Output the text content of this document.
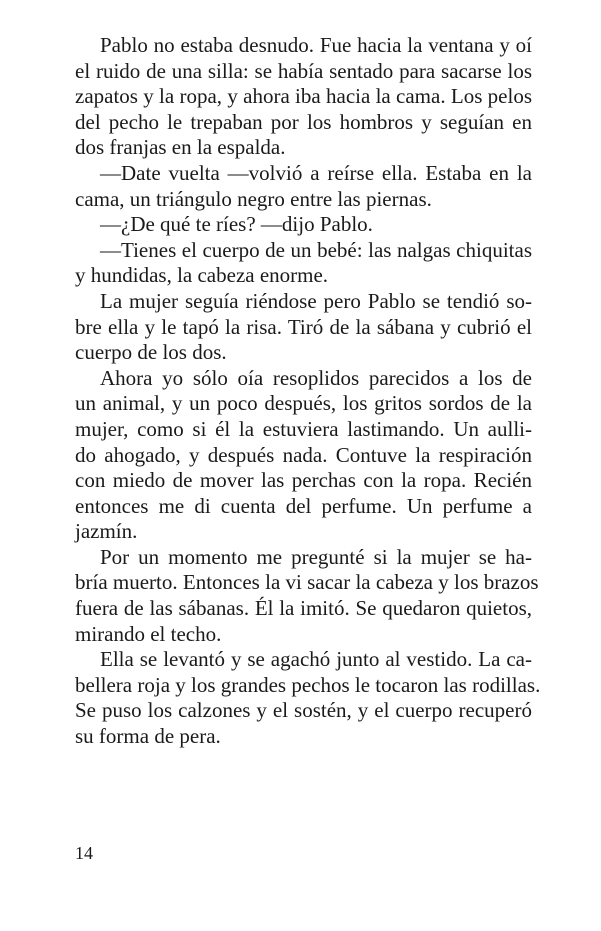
Pablo no estaba desnudo. Fue hacia la ventana y oí
el ruido de una silla: se había sentado para sacarse los
zapatos y la ropa, y ahora iba hacia la cama. Los pelos
del pecho le trepaban por los hombros y seguían en
dos franjas en la espalda.
—Date vuelta —volvió a reírse ella. Estaba en la
cama, un triángulo negro entre las piernas.
—¿De qué te ríes? —dijo Pablo.
—Tienes el cuerpo de un bebé: las nalgas chiquitas
y hundidas, la cabeza enorme.
La mujer seguía riéndose pero Pablo se tendió so-
bre ella y le tapó la risa. Tiró de la sábana y cubrió el
cuerpo de los dos.
Ahora yo sólo oía resoplidos parecidos a los de
un animal, y un poco después, los gritos sordos de la
mujer, como si él la estuviera lastimando. Un aulli-
do ahogado, y después nada. Contuve la respiración
con miedo de mover las perchas con la ropa. Recién
entonces me di cuenta del perfume. Un perfume a
jazmín.
Por un momento me pregunté si la mujer se ha-
bría muerto. Entonces la vi sacar la cabeza y los brazos
fuera de las sábanas. Él la imitó. Se quedaron quietos,
mirando el techo.
Ella se levantó y se agachó junto al vestido. La ca-
bellera roja y los grandes pechos le tocaron las rodillas.
Se puso los calzones y el sostén, y el cuerpo recuperó
su forma de pera.
14
